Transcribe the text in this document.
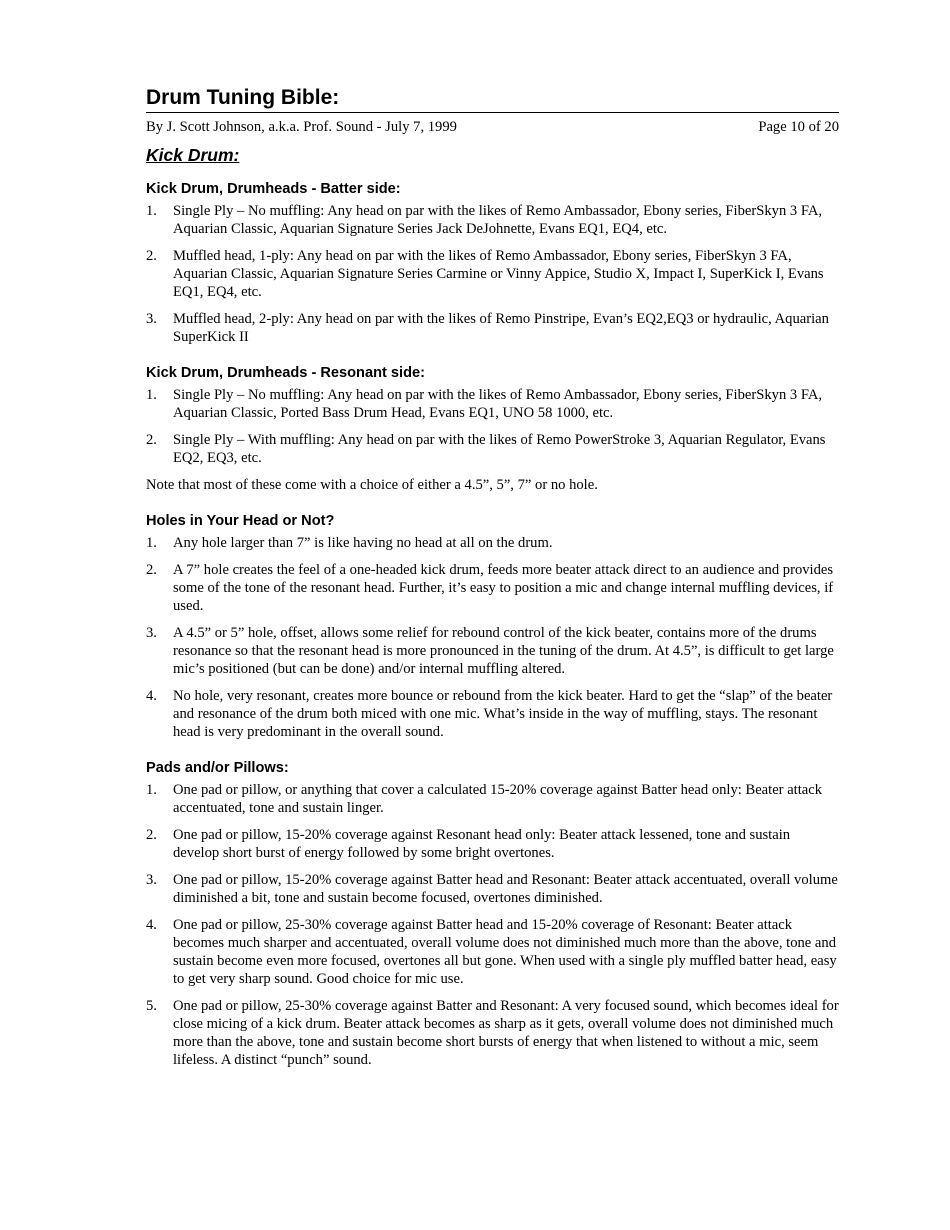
Drum Tuning Bible:
By J. Scott Johnson, a.k.a. Prof. Sound - July 7, 1999	Page 10 of 20
Kick Drum:
Kick Drum, Drumheads - Batter side:
1.	Single Ply – No muffling: Any head on par with the likes of Remo Ambassador, Ebony series, FiberSkyn 3 FA, Aquarian Classic, Aquarian Signature Series Jack DeJohnette, Evans EQ1, EQ4, etc.
2.	Muffled head, 1-ply: Any head on par with the likes of Remo Ambassador, Ebony series, FiberSkyn 3 FA, Aquarian Classic, Aquarian Signature Series Carmine or Vinny Appice, Studio X, Impact I, SuperKick I, Evans EQ1, EQ4, etc.
3.	Muffled head, 2-ply: Any head on par with the likes of Remo Pinstripe, Evan’s EQ2,EQ3 or hydraulic, Aquarian SuperKick II
Kick Drum, Drumheads - Resonant side:
1.	Single Ply – No muffling: Any head on par with the likes of Remo Ambassador, Ebony series, FiberSkyn 3 FA, Aquarian Classic, Ported Bass Drum Head, Evans EQ1, UNO 58 1000, etc.
2.	Single Ply – With muffling: Any head on par with the likes of Remo PowerStroke 3, Aquarian Regulator, Evans EQ2, EQ3, etc.

Note that most of these come with a choice of either a 4.5”, 5”, 7” or no hole.

Holes in Your Head or Not?
1.	Any hole larger than 7” is like having no head at all on the drum.
2.	A 7” hole creates the feel of a one-headed kick drum, feeds more beater attack direct to an audience and provides some of the tone of the resonant head. Further, it’s easy to position a mic and change internal muffling devices, if used.
3.	A 4.5” or 5” hole, offset, allows some relief for rebound control of the kick beater, contains more of the drums resonance so that the resonant head is more pronounced in the tuning of the drum. At 4.5”, is difficult to get large mic’s positioned (but can be done) and/or internal muffling altered.
4.	No hole, very resonant, creates more bounce or rebound from the kick beater. Hard to get the “slap” of the beater and resonance of the drum both miced with one mic. What’s inside in the way of muffling, stays. The resonant head is very predominant in the overall sound.
Pads and/or Pillows:
1.	One pad or pillow, or anything that cover a calculated 15-20% coverage against Batter head only: Beater attack accentuated, tone and sustain linger.
2.	One pad or pillow, 15-20% coverage against Resonant head only: Beater attack lessened, tone and sustain develop short burst of energy followed by some bright overtones.
3.	One pad or pillow, 15-20% coverage against Batter head and Resonant: Beater attack accentuated, overall volume diminished a bit, tone and sustain become focused, overtones diminished.
4.	One pad or pillow, 25-30% coverage against Batter head and 15-20% coverage of Resonant: Beater attack becomes much sharper and accentuated, overall volume does not diminished much more than the above, tone and sustain become even more focused, overtones all but gone. When used with a single ply muffled batter head, easy to get very sharp sound. Good choice for mic use.
5.	One pad or pillow, 25-30% coverage against Batter and Resonant: A very focused sound, which becomes ideal for close micing of a kick drum. Beater attack becomes as sharp as it gets, overall volume does not diminished much more than the above, tone and sustain become short bursts of energy that when listened to without a mic, seem lifeless. A distinct “punch” sound.
